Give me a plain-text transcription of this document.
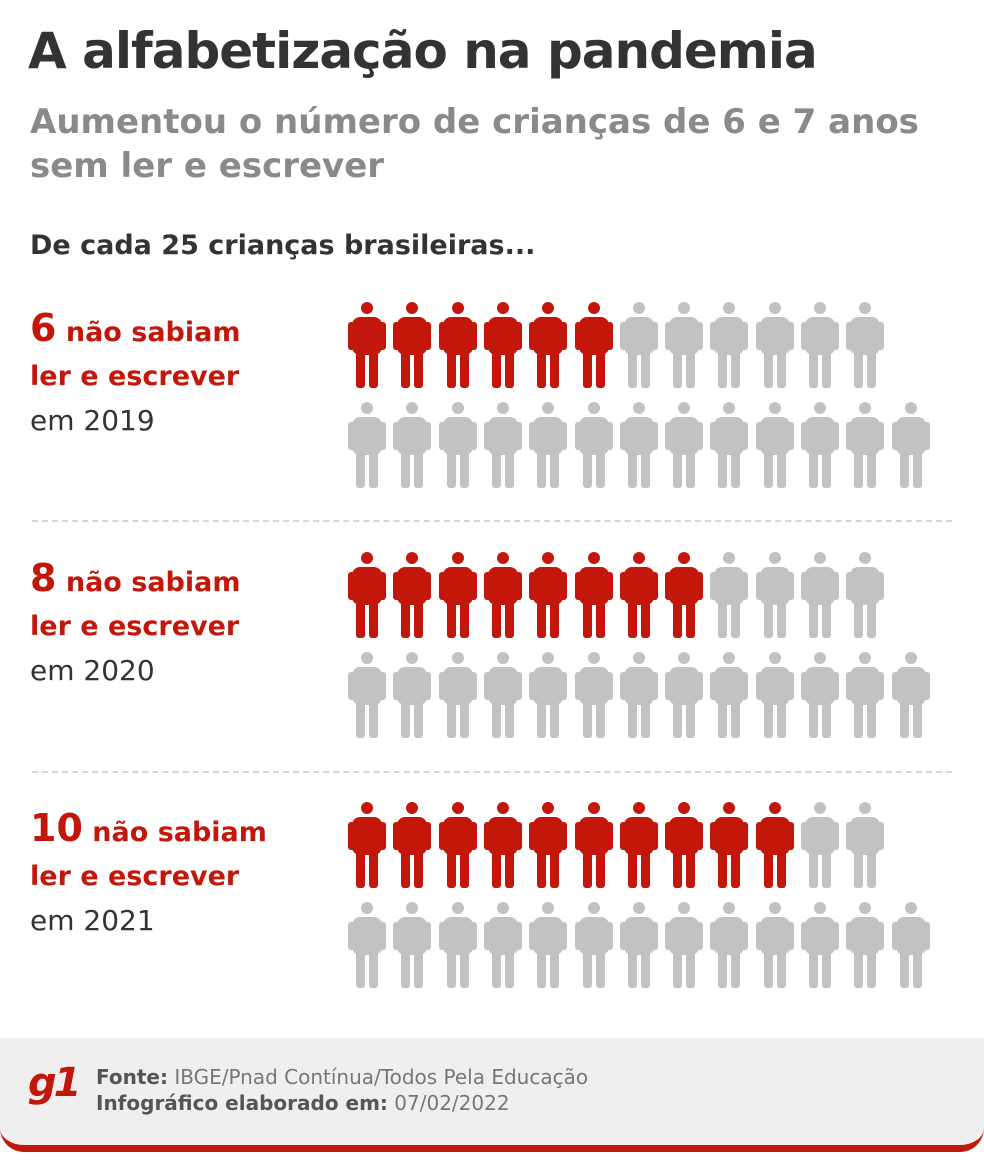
A alfabetização na pandemia

Aumentou o número de crianças de 6 e 7 anos sem ler e escrever

De cada 25 crianças brasileiras...

6 não sabiam
ler e escrever
em 2019
8 não sabiam
ler e escrever
em 2020
10 não sabiam
ler e escrever
em 2021
g1 Fonte: IBGE/Pnad Contínua/Todos Pela Educação
Infográfico elaborado em: 07/02/2022
